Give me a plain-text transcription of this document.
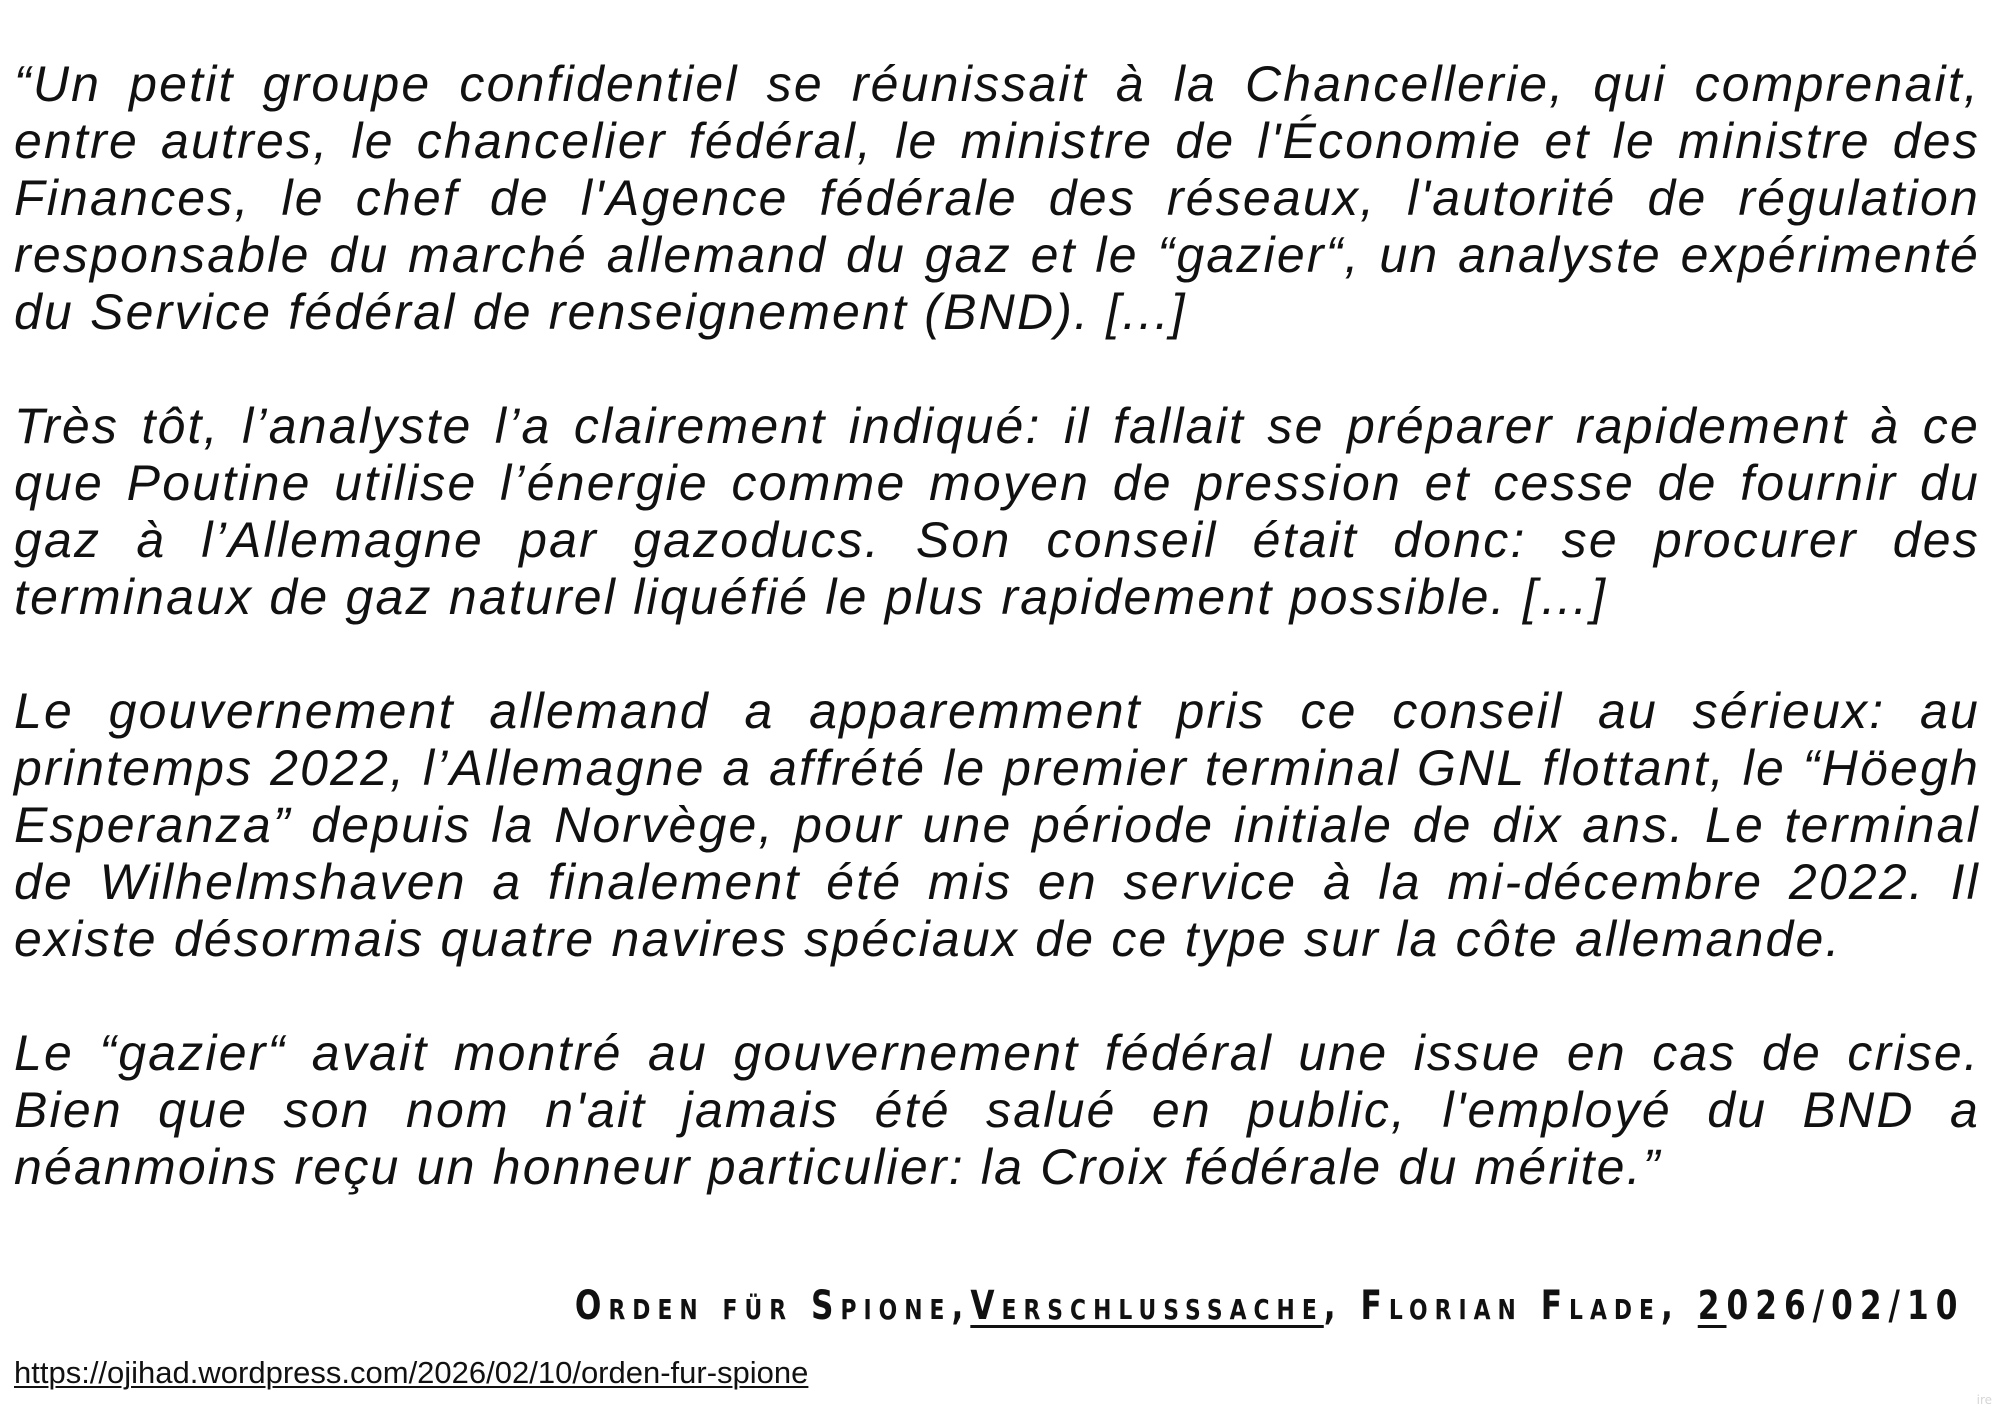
“Un petit groupe confidentiel se réunissait à la Chancellerie, qui comprenait, entre autres, le chancelier fédéral, le ministre de l'Économie et le ministre des Finances, le chef de l'Agence fédérale des réseaux, l'autorité de régulation responsable du marché allemand du gaz et le “gazier“, un analyste expérimenté du Service fédéral de renseignement (BND). [...]

Très tôt, l’analyste l’a clairement indiqué: il fallait se préparer rapidement à ce que Poutine utilise l’énergie comme moyen de pression et cesse de fournir du gaz à l’Allemagne par gazoducs. Son conseil était donc: se procurer des terminaux de gaz naturel liquéfié le plus rapidement possible. […]

Le gouvernement allemand a apparemment pris ce conseil au sérieux: au printemps 2022, l’Allemagne a affrété le premier terminal GNL flottant, le “Höegh Esperanza” depuis la Norvège, pour une période initiale de dix ans. Le terminal de Wilhelmshaven a finalement été mis en service à la mi-décembre 2022. Il existe désormais quatre navires spéciaux de ce type sur la côte allemande.

Le “gazier“ avait montré au gouvernement fédéral une issue en cas de crise. Bien que son nom n'ait jamais été salué en public, l'employé du BND a néanmoins reçu un honneur particulier: la Croix fédérale du mérite.”

Orden für Spione,Verschlusssache, Florian Flade, 2026/02/10
https://ojihad.wordpress.com/2026/02/10/orden-fur-spione
ire
